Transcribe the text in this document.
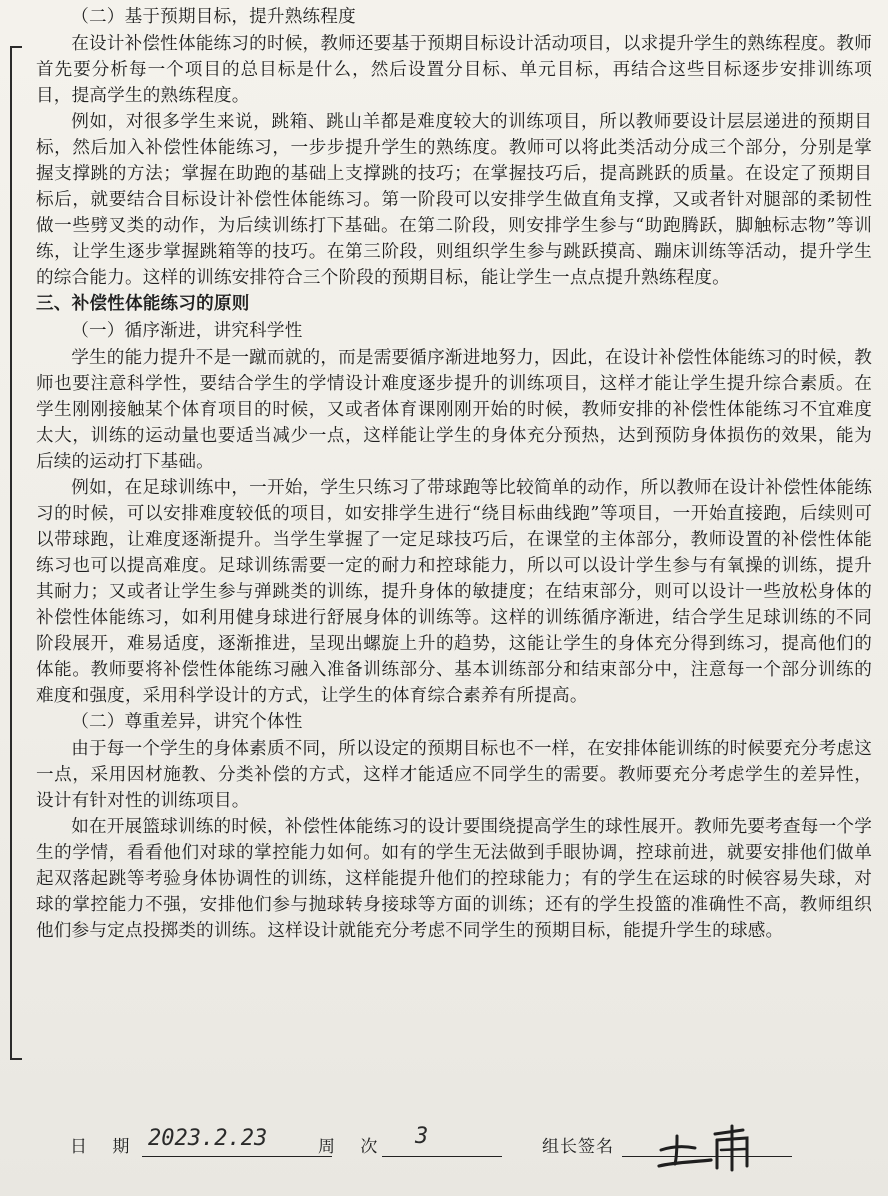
（二）基于预期目标，提升熟练程度

在设计补偿性体能练习的时候，教师还要基于预期目标设计活动项目，以求提升学生的熟练程度。教师首先要分析每一个项目的总目标是什么，然后设置分目标、单元目标，再结合这些目标逐步安排训练项目，提高学生的熟练程度。

例如，对很多学生来说，跳箱、跳山羊都是难度较大的训练项目，所以教师要设计层层递进的预期目标，然后加入补偿性体能练习，一步步提升学生的熟练度。教师可以将此类活动分成三个部分，分别是掌握支撑跳的方法；掌握在助跑的基础上支撑跳的技巧；在掌握技巧后，提高跳跃的质量。在设定了预期目标后，就要结合目标设计补偿性体能练习。第一阶段可以安排学生做直角支撑，又或者针对腿部的柔韧性做一些劈叉类的动作，为后续训练打下基础。在第二阶段，则安排学生参与“助跑腾跃，脚触标志物”等训练，让学生逐步掌握跳箱等的技巧。在第三阶段，则组织学生参与跳跃摸高、蹦床训练等活动，提升学生的综合能力。这样的训练安排符合三个阶段的预期目标，能让学生一点点提升熟练程度。

三、补偿性体能练习的原则
（一）循序渐进，讲究科学性

学生的能力提升不是一蹴而就的，而是需要循序渐进地努力，因此，在设计补偿性体能练习的时候，教师也要注意科学性，要结合学生的学情设计难度逐步提升的训练项目，这样才能让学生提升综合素质。在学生刚刚接触某个体育项目的时候，又或者体育课刚刚开始的时候，教师安排的补偿性体能练习不宜难度太大，训练的运动量也要适当减少一点，这样能让学生的身体充分预热，达到预防身体损伤的效果，能为后续的运动打下基础。

例如，在足球训练中，一开始，学生只练习了带球跑等比较简单的动作，所以教师在设计补偿性体能练习的时候，可以安排难度较低的项目，如安排学生进行“绕目标曲线跑”等项目，一开始直接跑，后续则可以带球跑，让难度逐渐提升。当学生掌握了一定足球技巧后，在课堂的主体部分，教师设置的补偿性体能练习也可以提高难度。足球训练需要一定的耐力和控球能力，所以可以设计学生参与有氧操的训练，提升其耐力；又或者让学生参与弹跳类的训练，提升身体的敏捷度；在结束部分，则可以设计一些放松身体的补偿性体能练习，如利用健身球进行舒展身体的训练等。这样的训练循序渐进，结合学生足球训练的不同阶段展开，难易适度，逐渐推进，呈现出螺旋上升的趋势，这能让学生的身体充分得到练习，提高他们的体能。教师要将补偿性体能练习融入准备训练部分、基本训练部分和结束部分中，注意每一个部分训练的难度和强度，采用科学设计的方式，让学生的体育综合素养有所提高。

（二）尊重差异，讲究个体性

由于每一个学生的身体素质不同，所以设定的预期目标也不一样，在安排体能训练的时候要充分考虑这一点，采用因材施教、分类补偿的方式，这样才能适应不同学生的需要。教师要充分考虑学生的差异性，设计有针对性的训练项目。

如在开展篮球训练的时候，补偿性体能练习的设计要围绕提高学生的球性展开。教师先要考查每一个学生的学情，看看他们对球的掌控能力如何。如有的学生无法做到手眼协调，控球前进，就要安排他们做单起双落起跳等考验身体协调性的训练，这样能提升他们的控球能力；有的学生在运球的时候容易失球，对球的掌控能力不强，安排他们参与抛球转身接球等方面的训练；还有的学生投篮的准确性不高，教师组织他们参与定点投掷类的训练。这样设计就能充分考虑不同学生的预期目标，能提升学生的球感。

日 期 2023.2.23	周 次 3	组长签名
